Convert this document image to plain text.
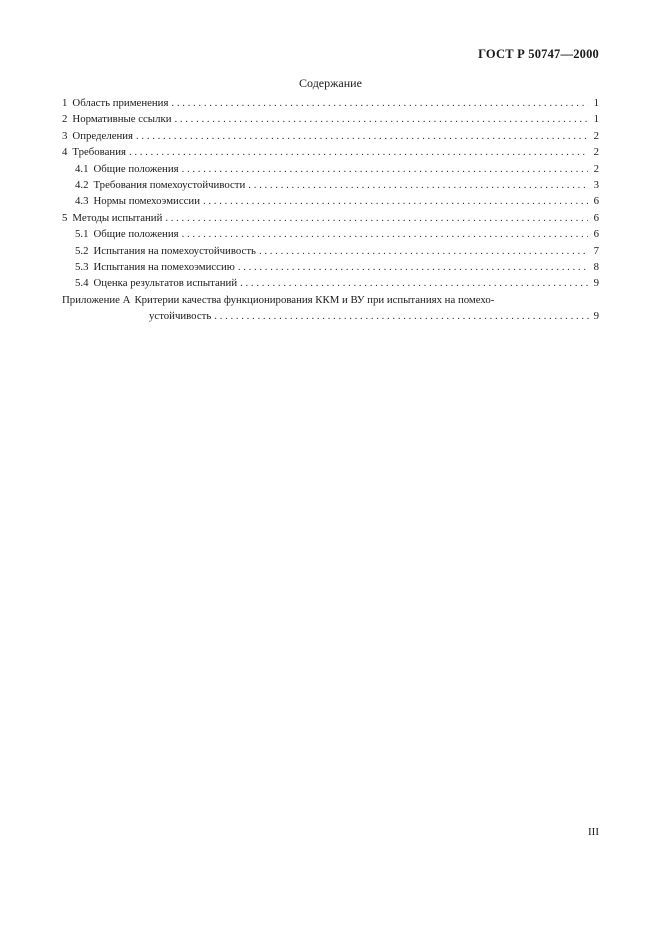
ГОСТ Р 50747—2000
Содержание
1 Область применения . . .	1
2 Нормативные ссылки . . .	1
3 Определения . . .	2
4 Требования . . .	2
4.1 Общие положения . . .	2
4.2 Требования помехоустойчивости . . .	3
4.3 Нормы помехоэмиссии . . .	6
5 Методы испытаний . . .	6
5.1 Общие положения . . .	6
5.2 Испытания на помехоустойчивость . . .	7
5.3 Испытания на помехоэмиссию . . .	8
5.4 Оценка результатов испытаний . . .	9
Приложение А Критерии качества функционирования ККМ и ВУ при испытаниях на помехо-
устойчивость . . .	9
III
